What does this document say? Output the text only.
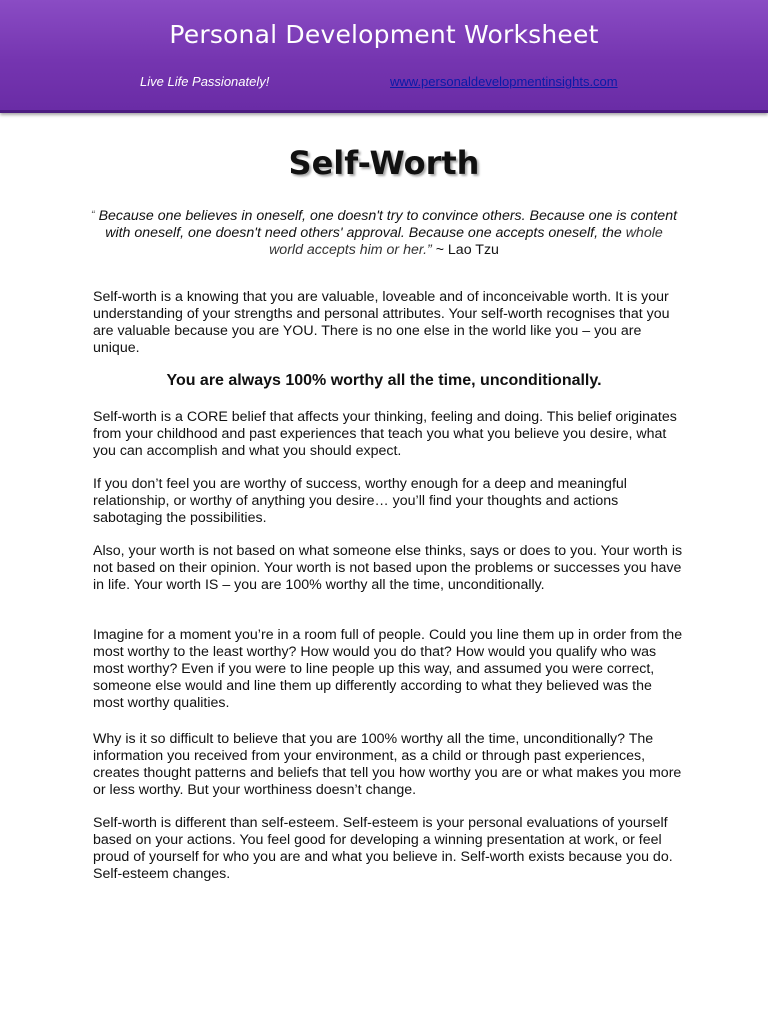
Personal Development Worksheet
Live Life Passionately!	www.personaldevelopmentinsights.com
Self-Worth
“ Because one believes in oneself, one doesn't try to convince others. Because one is content with oneself, one doesn't need others' approval. Because one accepts oneself, the whole world accepts him or her.” ~ Lao Tzu

Self-worth is a knowing that you are valuable, loveable and of inconceivable worth. It is your understanding of your strengths and personal attributes. Your self-worth recognises that you are valuable because you are YOU. There is no one else in the world like you – you are unique.

You are always 100% worthy all the time, unconditionally.

Self-worth is a CORE belief that affects your thinking, feeling and doing. This belief originates from your childhood and past experiences that teach you what you believe you desire, what you can accomplish and what you should expect.

If you don’t feel you are worthy of success, worthy enough for a deep and meaningful relationship, or worthy of anything you desire… you’ll find your thoughts and actions sabotaging the possibilities.

Also, your worth is not based on what someone else thinks, says or does to you. Your worth is not based on their opinion. Your worth is not based upon the problems or successes you have in life. Your worth IS – you are 100% worthy all the time, unconditionally.

Imagine for a moment you’re in a room full of people. Could you line them up in order from the most worthy to the least worthy? How would you do that? How would you qualify who was most worthy? Even if you were to line people up this way, and assumed you were correct, someone else would and line them up differently according to what they believed was the most worthy qualities.

Why is it so difficult to believe that you are 100% worthy all the time, unconditionally? The information you received from your environment, as a child or through past experiences, creates thought patterns and beliefs that tell you how worthy you are or what makes you more or less worthy. But your worthiness doesn’t change.

Self-worth is different than self-esteem. Self-esteem is your personal evaluations of yourself based on your actions. You feel good for developing a winning presentation at work, or feel proud of yourself for who you are and what you believe in. Self-worth exists because you do. Self-esteem changes.
